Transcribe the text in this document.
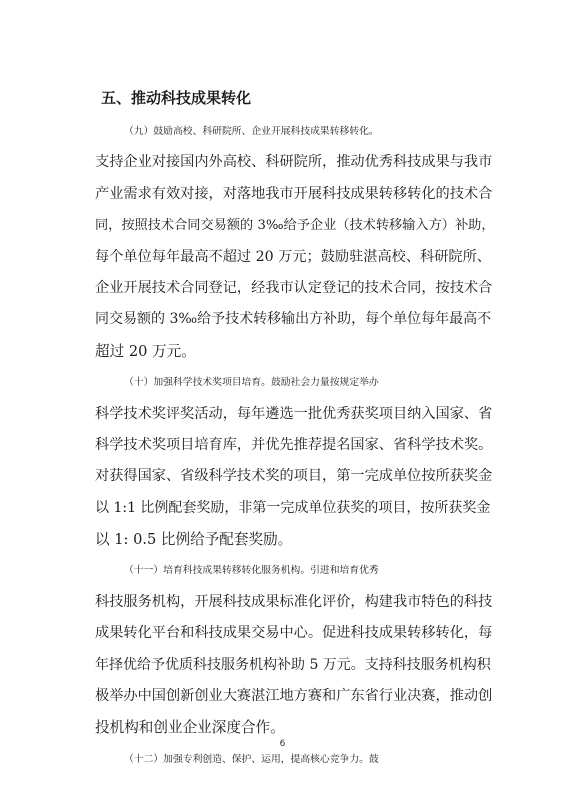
五、推动科技成果转化

（九）鼓励高校、科研院所、企业开展科技成果转移转化。
支持企业对接国内外高校、科研院所，推动优秀科技成果与我市
产业需求有效对接，对落地我市开展科技成果转移转化的技术合
同，按照技术合同交易额的 3‰给予企业（技术转移输入方）补助，
每个单位每年最高不超过 20 万元；鼓励驻湛高校、科研院所、
企业开展技术合同登记，经我市认定登记的技术合同，按技术合
同交易额的 3‰给予技术转移输出方补助，每个单位每年最高不
超过 20 万元。

（十）加强科学技术奖项目培育。鼓励社会力量按规定举办
科学技术奖评奖活动，每年遴选一批优秀获奖项目纳入国家、省
科学技术奖项目培育库，并优先推荐提名国家、省科学技术奖。
对获得国家、省级科学技术奖的项目，第一完成单位按所获奖金
以 1:1 比例配套奖励，非第一完成单位获奖的项目，按所获奖金
以 1: 0.5 比例给予配套奖励。

（十一）培育科技成果转移转化服务机构。引进和培育优秀
科技服务机构，开展科技成果标准化评价，构建我市特色的科技
成果转化平台和科技成果交易中心。促进科技成果转移转化，每
年择优给予优质科技服务机构补助 5 万元。支持科技服务机构积
极举办中国创新创业大赛湛江地方赛和广东省行业决赛，推动创
投机构和创业企业深度合作。

（十二）加强专利创造、保护、运用，提高核心竞争力。鼓

6
